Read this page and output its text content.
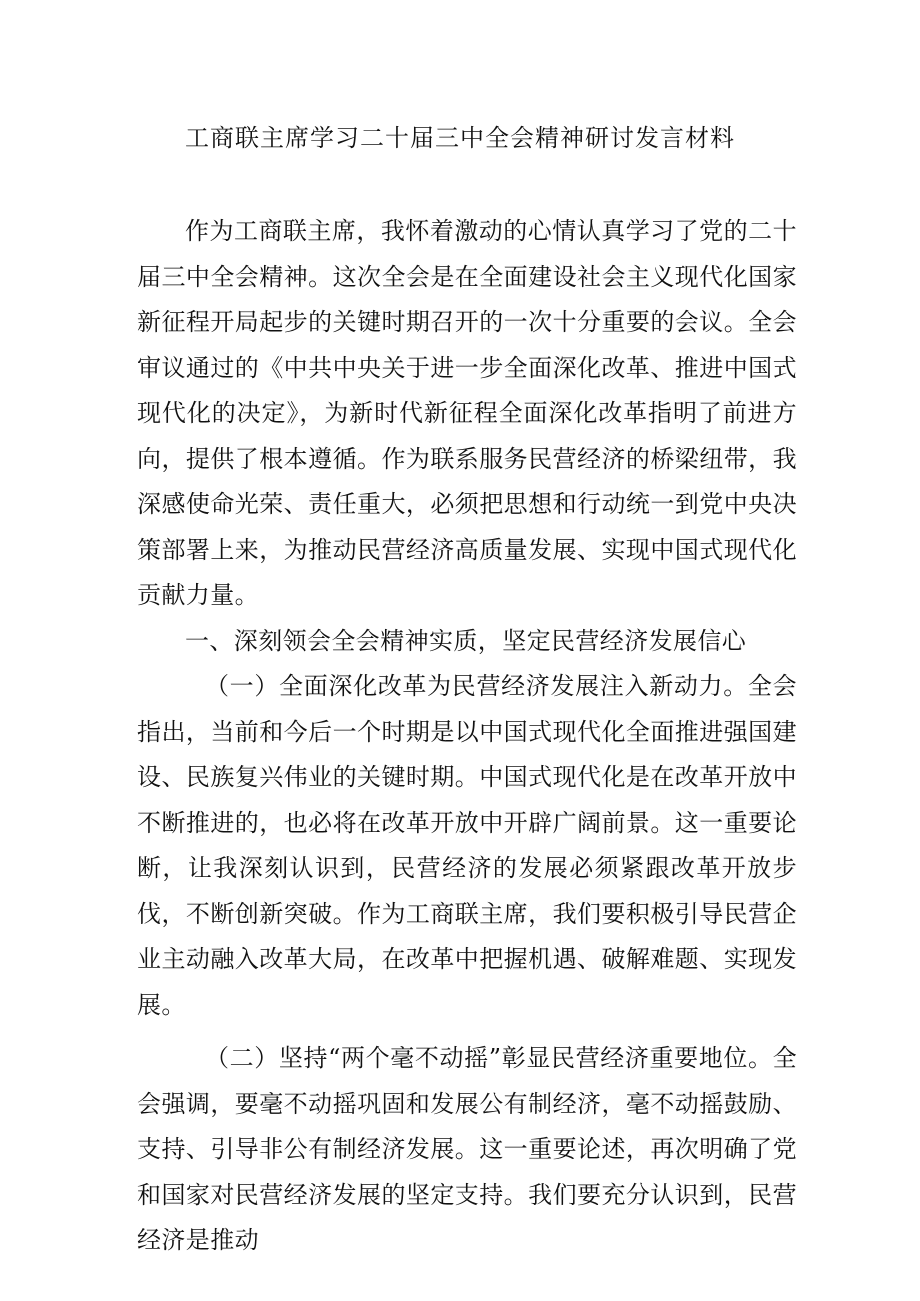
工商联主席学习二十届三中全会精神研讨发言材料

作为工商联主席，我怀着激动的心情认真学习了党的二十届三中全会精神。这次全会是在全面建设社会主义现代化国家新征程开局起步的关键时期召开的一次十分重要的会议。全会审议通过的《中共中央关于进一步全面深化改革、推进中国式现代化的决定》，为新时代新征程全面深化改革指明了前进方向，提供了根本遵循。作为联系服务民营经济的桥梁纽带，我深感使命光荣、责任重大，必须把思想和行动统一到党中央决策部署上来，为推动民营经济高质量发展、实现中国式现代化贡献力量。

一、深刻领会全会精神实质，坚定民营经济发展信心

（一）全面深化改革为民营经济发展注入新动力。全会指出，当前和今后一个时期是以中国式现代化全面推进强国建设、民族复兴伟业的关键时期。中国式现代化是在改革开放中不断推进的，也必将在改革开放中开辟广阔前景。这一重要论断，让我深刻认识到，民营经济的发展必须紧跟改革开放步伐，不断创新突破。作为工商联主席，我们要积极引导民营企业主动融入改革大局，在改革中把握机遇、破解难题、实现发展。

（二）坚持“两个毫不动摇”彰显民营经济重要地位。全会强调，要毫不动摇巩固和发展公有制经济，毫不动摇鼓励、支持、引导非公有制经济发展。这一重要论述，再次明确了党和国家对民营经济发展的坚定支持。我们要充分认识到，民营经济是推动
